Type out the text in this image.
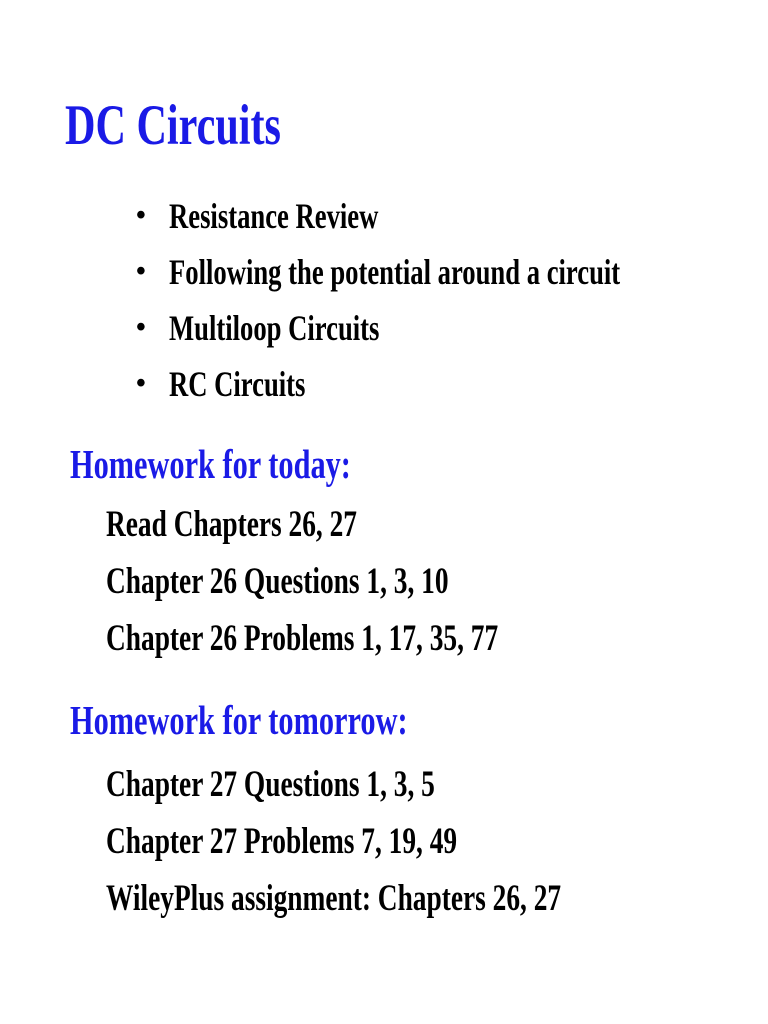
DC Circuits
• Resistance Review
• Following the potential around a circuit
• Multiloop Circuits
• RC Circuits
Homework for today:
Read Chapters 26, 27
Chapter 26 Questions 1, 3, 10
Chapter 26 Problems 1, 17, 35, 77
Homework for tomorrow:
Chapter 27 Questions 1, 3, 5
Chapter 27 Problems 7, 19, 49
WileyPlus assignment: Chapters 26, 27
